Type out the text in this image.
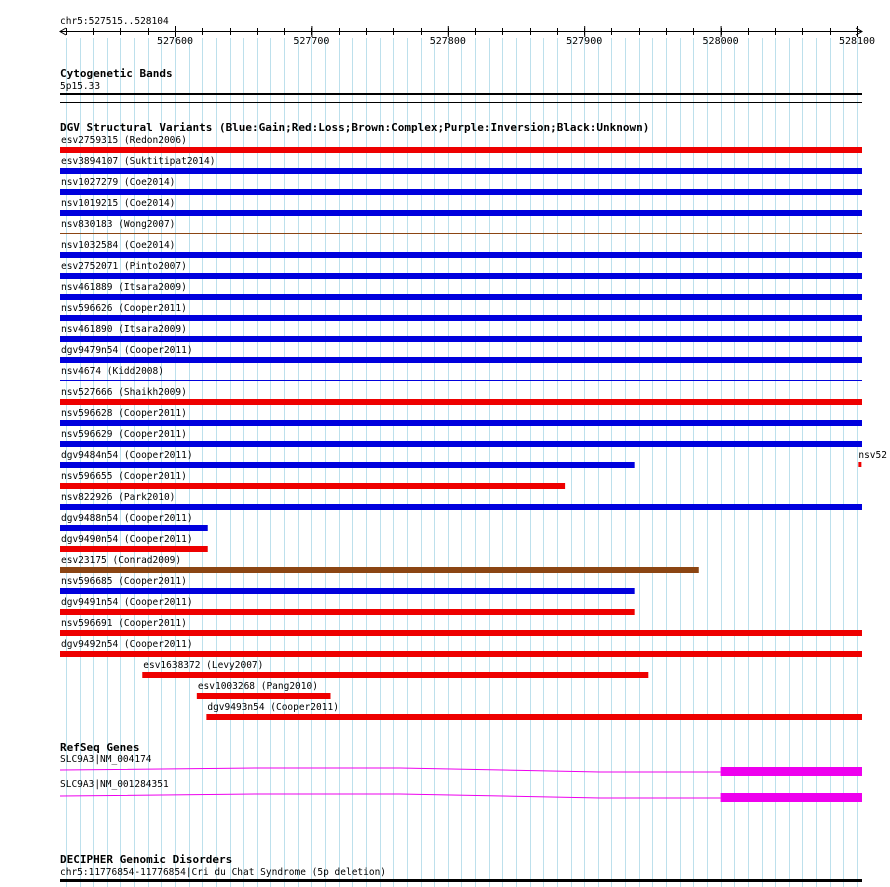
527600	527700	527800	527900	528000	528100
chr5:527515..528104
Cytogenetic Bands
5p15.33
DGV Structural Variants (Blue:Gain;Red:Loss;Brown:Complex;Purple:Inversion;Black:Unknown)
RefSeq Genes
DECIPHER Genomic Disorders
chr5:11776854-11776854|Cri du Chat Syndrome (5p deletion)
esv2759315 (Redon2006)
esv3894107 (Suktitipat2014)
nsv1027279 (Coe2014)
nsv1019215 (Coe2014)
nsv830183 (Wong2007)
nsv1032584 (Coe2014)
esv2752071 (Pinto2007)
nsv461889 (Itsara2009)
nsv596626 (Cooper2011)
nsv461890 (Itsara2009)
dgv9479n54 (Cooper2011)
nsv4674 (Kidd2008)
nsv527666 (Shaikh2009)
nsv596628 (Cooper2011)
nsv596629 (Cooper2011)
dgv9484n54 (Cooper2011)
nsv596655 (Cooper2011)
nsv822926 (Park2010)
dgv9488n54 (Cooper2011)
dgv9490n54 (Cooper2011)
esv23175 (Conrad2009)
nsv596685 (Cooper2011)
dgv9491n54 (Cooper2011)
nsv596691 (Cooper2011)
dgv9492n54 (Cooper2011)
esv1638372 (Levy2007)
esv1003268 (Pang2010)
dgv9493n54 (Cooper2011)
nsv52
SLC9A3|NM_004174
SLC9A3|NM_001284351
